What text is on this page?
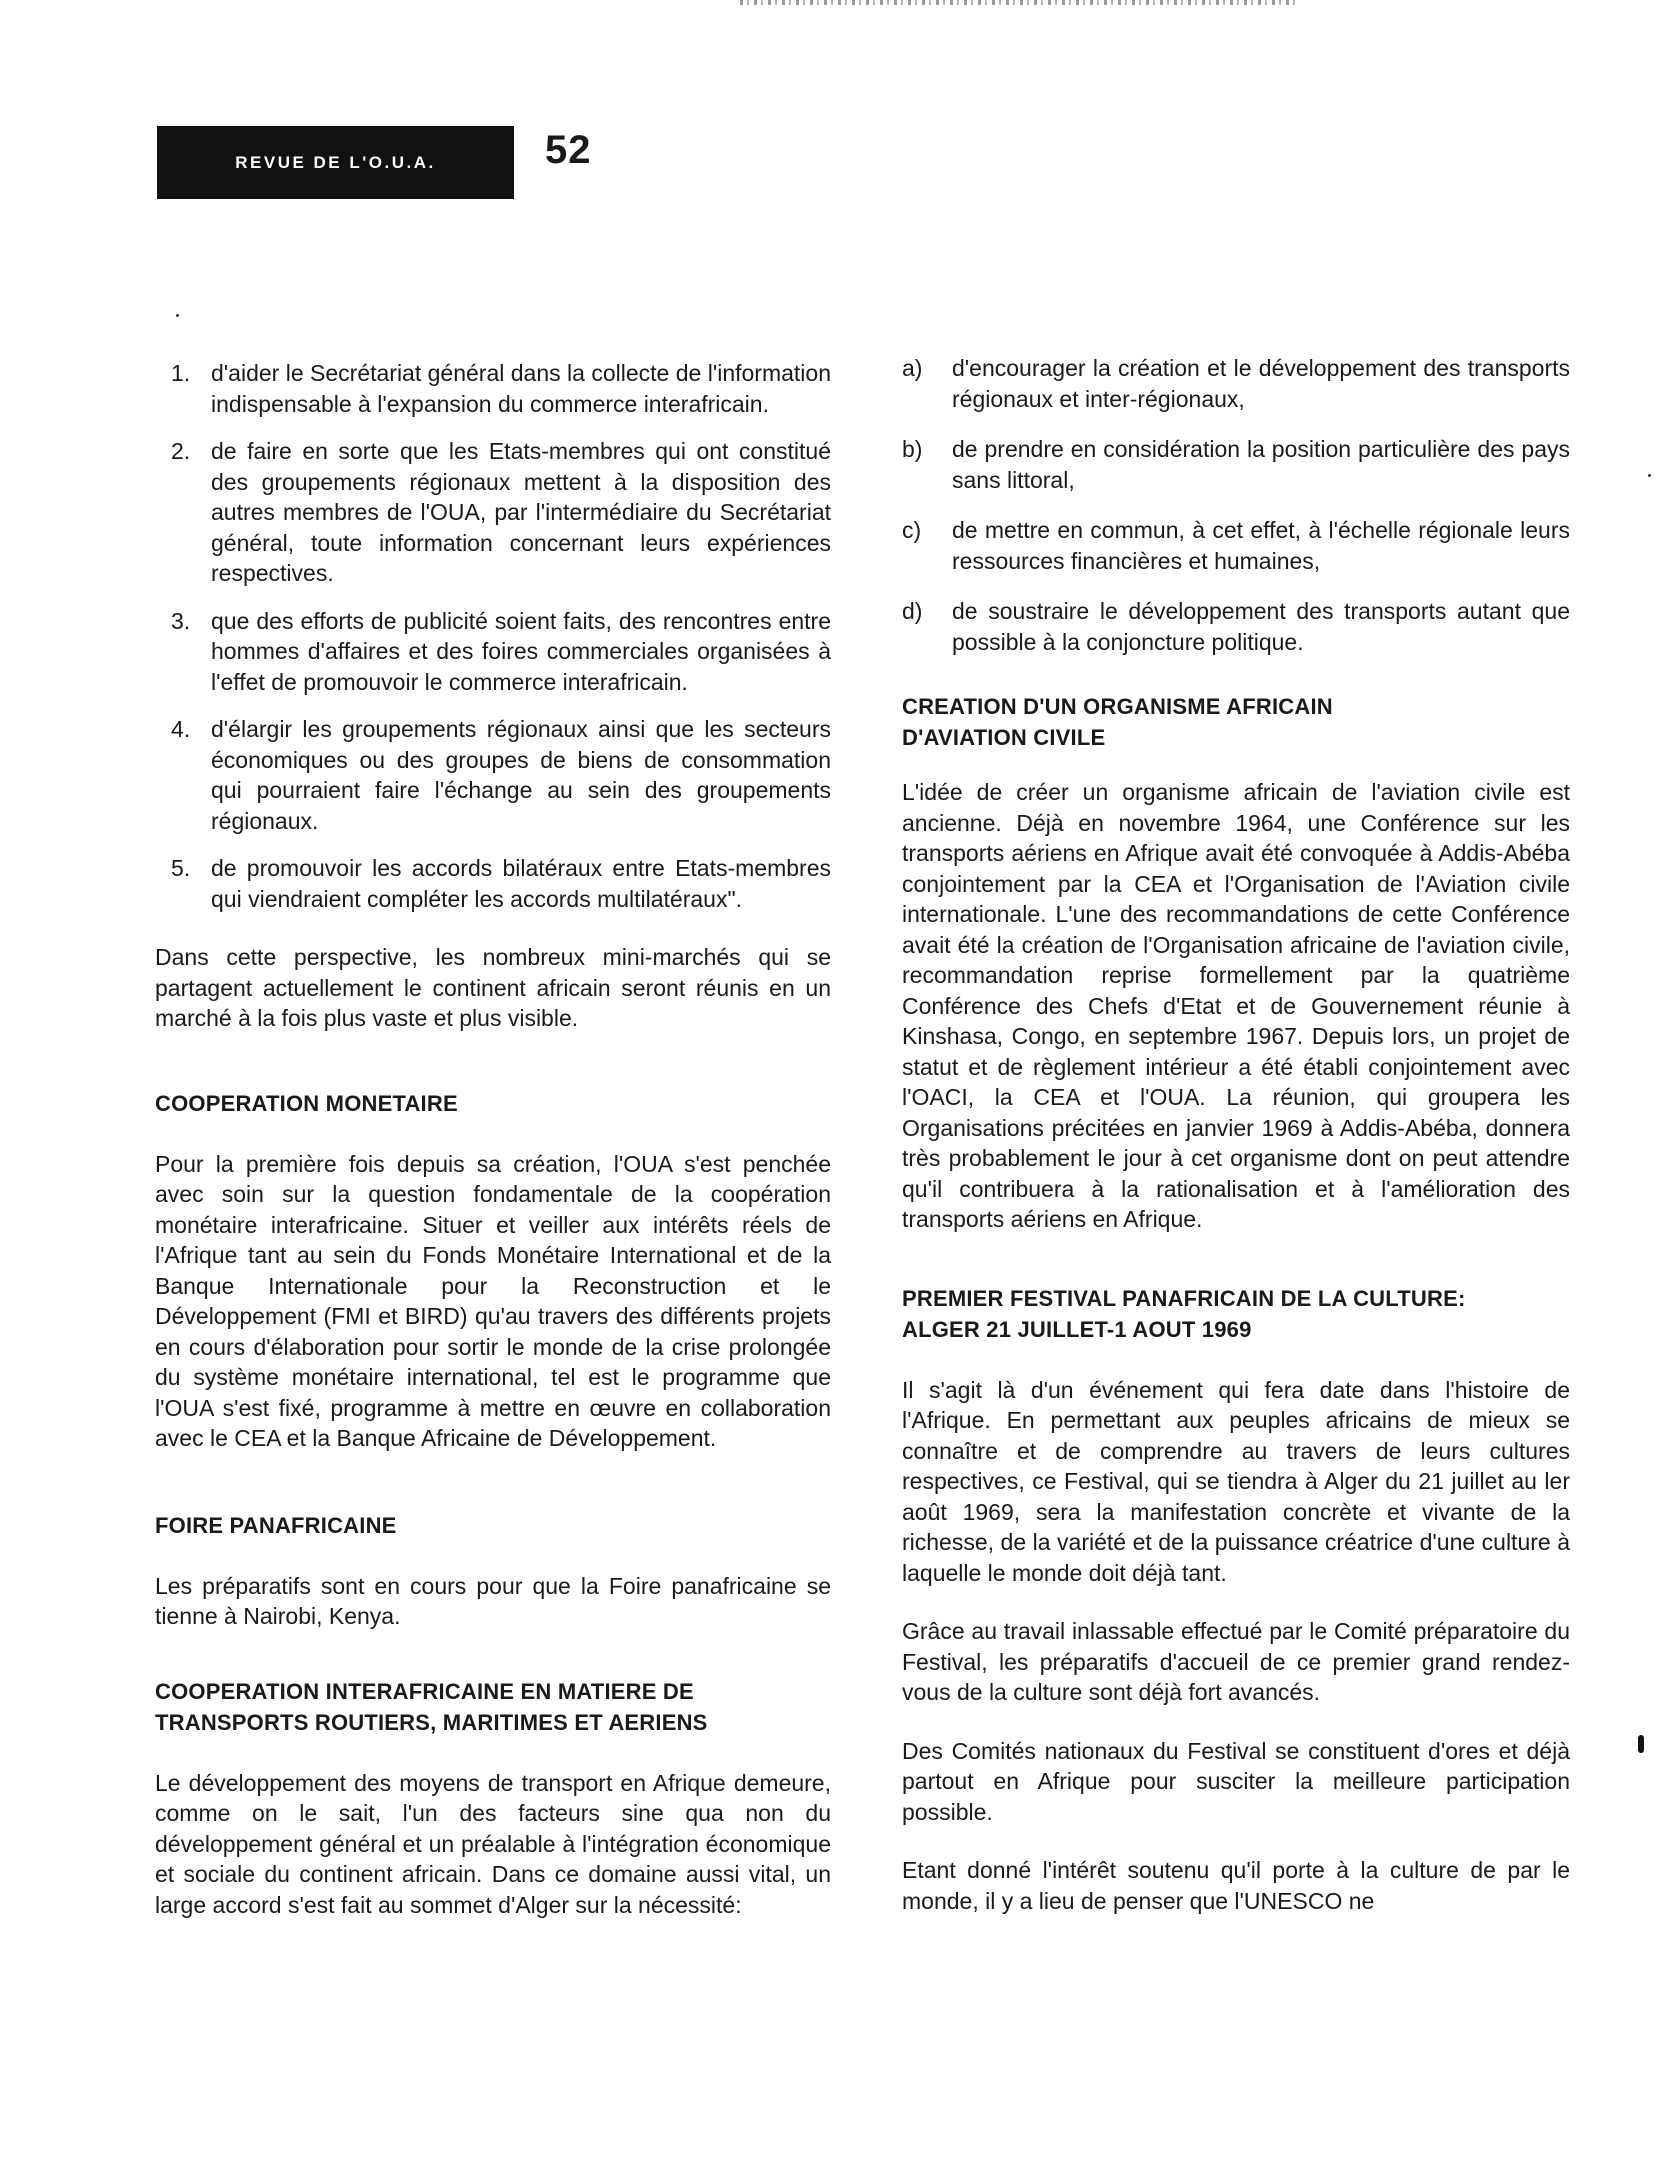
REVUE DE L'O.U.A.	52
1. d'aider le Secrétariat général dans la collecte de l'information indispensable à l'expansion du commerce interafricain.
2. de faire en sorte que les Etats-membres qui ont constitué des groupements régionaux mettent à la disposition des autres membres de l'OUA, par l'intermédiaire du Secrétariat général, toute information concernant leurs expériences respectives.
3. que des efforts de publicité soient faits, des rencontres entre hommes d'affaires et des foires commerciales organisées à l'effet de promouvoir le commerce interafricain.
4. d'élargir les groupements régionaux ainsi que les secteurs économiques ou des groupes de biens de consommation qui pourraient faire l'échange au sein des groupements régionaux.
5. de promouvoir les accords bilatéraux entre Etats-membres qui viendraient compléter les accords multilatéraux".

Dans cette perspective, les nombreux mini-marchés qui se partagent actuellement le continent africain seront réunis en un marché à la fois plus vaste et plus visible.

COOPERATION MONETAIRE

Pour la première fois depuis sa création, l'OUA s'est penchée avec soin sur la question fondamentale de la coopération monétaire interafricaine. Situer et veiller aux intérêts réels de l'Afrique tant au sein du Fonds Monétaire International et de la Banque Internationale pour la Reconstruction et le Développement (FMI et BIRD) qu'au travers des différents projets en cours d'élaboration pour sortir le monde de la crise prolongée du système monétaire international, tel est le programme que l'OUA s'est fixé, programme à mettre en œuvre en collaboration avec le CEA et la Banque Africaine de Développement.

FOIRE PANAFRICAINE

Les préparatifs sont en cours pour que la Foire panafricaine se tienne à Nairobi, Kenya.

COOPERATION INTERAFRICAINE EN MATIERE DE
TRANSPORTS ROUTIERS, MARITIMES ET AERIENS

Le développement des moyens de transport en Afrique demeure, comme on le sait, l'un des facteurs sine qua non du développement général et un préalable à l'intégration économique et sociale du continent africain. Dans ce domaine aussi vital, un large accord s'est fait au sommet d'Alger sur la nécessité:

a)	d'encourager la création et le développement des transports régionaux et inter-régionaux,
b)	de prendre en considération la position particulière des pays sans littoral,
c)	de mettre en commun, à cet effet, à l'échelle régionale leurs ressources financières et humaines,
d)	de soustraire le développement des transports autant que possible à la conjoncture politique.
CREATION D'UN ORGANISME AFRICAIN
D'AVIATION CIVILE

L'idée de créer un organisme africain de l'aviation civile est ancienne. Déjà en novembre 1964, une Conférence sur les transports aériens en Afrique avait été convoquée à Addis-Abéba conjointement par la CEA et l'Organisation de l'Aviation civile internationale. L'une des recommandations de cette Conférence avait été la création de l'Organisation africaine de l'aviation civile, recommandation reprise formellement par la quatrième Conférence des Chefs d'Etat et de Gouvernement réunie à Kinshasa, Congo, en septembre 1967. Depuis lors, un projet de statut et de règlement intérieur a été établi conjointement avec l'OACI, la CEA et l'OUA. La réunion, qui groupera les Organisations précitées en janvier 1969 à Addis-Abéba, donnera très probablement le jour à cet organisme dont on peut attendre qu'il contribuera à la rationalisation et à l'amélioration des transports aériens en Afrique.

PREMIER FESTIVAL PANAFRICAIN DE LA CULTURE:
ALGER 21 JUILLET-1 AOUT 1969

Il s'agit là d'un événement qui fera date dans l'histoire de l'Afrique. En permettant aux peuples africains de mieux se connaître et de comprendre au travers de leurs cultures respectives, ce Festival, qui se tiendra à Alger du 21 juillet au ler août 1969, sera la manifestation concrète et vivante de la richesse, de la variété et de la puissance créatrice d'une culture à laquelle le monde doit déjà tant.

Grâce au travail inlassable effectué par le Comité préparatoire du Festival, les préparatifs d'accueil de ce premier grand rendez-vous de la culture sont déjà fort avancés.

Des Comités nationaux du Festival se constituent d'ores et déjà partout en Afrique pour susciter la meilleure participation possible.

Etant donné l'intérêt soutenu qu'il porte à la culture de par le monde, il y a lieu de penser que l'UNESCO ne
